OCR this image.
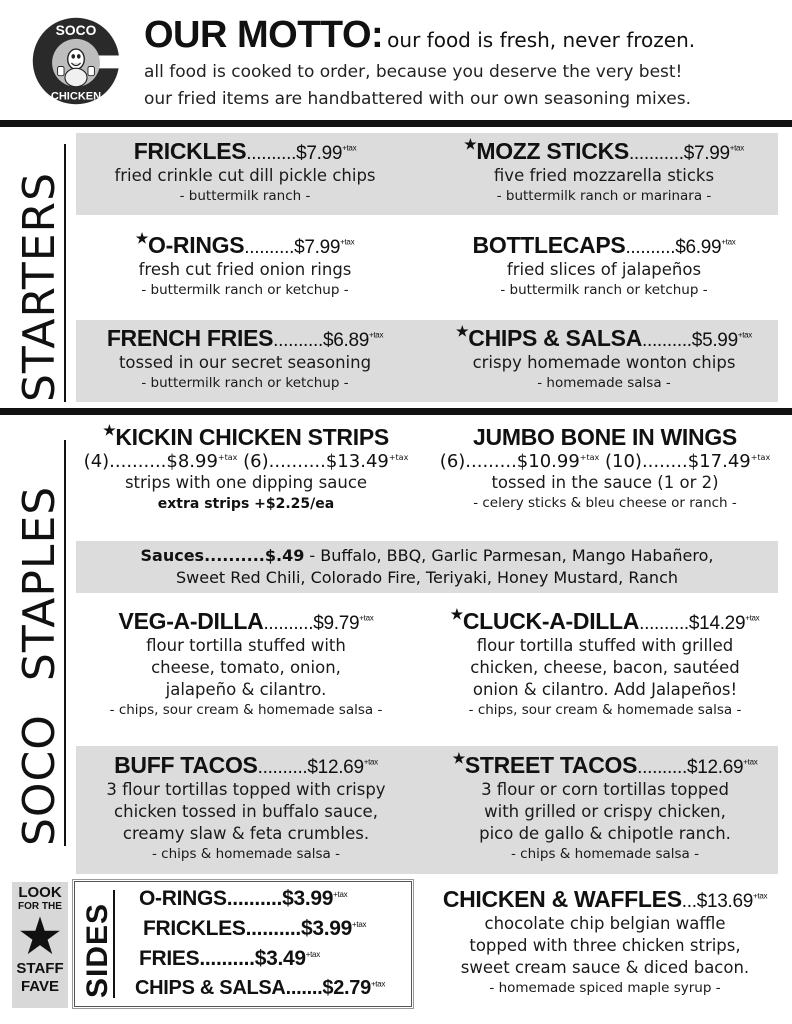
SOCO
CHICKEN
OUR MOTTO: our food is fresh, never frozen.
all food is cooked to order, because you deserve the very best!
our fried items are handbattered with our own seasoning mixes.
STARTERS
$FRICKLES..........\$7.99^{+tax}$
fried crinkle cut dill pickle chips
- buttermilk ranch -
★MOZZ $STICKS...........\$7.99^{+tax}$
five fried mozzarella sticks
- buttermilk ranch or marinara -
$^★O-RINGS..........\$7.99^{+tax}$
fresh cut fried onion rings
- buttermilk ranch or ketchup -
$BOTTLECAPS..........\$6.99^{+tax}$
fried slices of jalapeños
- buttermilk ranch or ketchup -
FRENCH $FRIES..........\$6.89^{+tax}$
tossed in our secret seasoning
- buttermilk ranch or ketchup -
★CHIPS & $SALSA..........\$5.99^{+tax}$
crispy homemade wonton chips
- homemade salsa -
SOCO STAPLES
★KICKIN CHICKEN STRIPS
$(4)..........\$8.99^{+tax}$ $(6)..........\$13.49^{+tax}$
strips with one dipping sauce
extra strips +$2.25/ea
JUMBO BONE IN WINGS
$(6).........\$10.99^{+tax}$ $(10)........\$17.49^{+tax}$
tossed in the sauce (1 or 2)
- celery sticks & bleu cheese or ranch -
Sauces..........$.49 - Buffalo, BBQ, Garlic Parmesan, Mango Habañero,
Sweet Red Chili, Colorado Fire, Teriyaki, Honey Mustard, Ranch
VEG-$A-DILLA..........\$9.79^{+tax}$
flour tortilla stuffed with
cheese, tomato, onion,
jalapeño & cilantro.
- chips, sour cream & homemade salsa -
$^★CLUCK-A-DILLA..........\$14.29^{+tax}$
flour tortilla stuffed with grilled
chicken, cheese, bacon, sautéed
onion & cilantro. Add Jalapeños!
- chips, sour cream & homemade salsa -
BUFF $TACOS..........\$12.69^{+tax}$
3 flour tortillas topped with crispy
chicken tossed in buffalo sauce,
creamy slaw & feta crumbles.
- chips & homemade salsa -
★STREET $TACOS..........\$12.69^{+tax}$
3 flour or corn tortillas topped
with grilled or crispy chicken,
pico de gallo & chipotle ranch.
- chips & homemade salsa -
LOOK
FOR THE
★
STAFF
FAVE SIDES
$O-RINGS..........\$3.99^{+tax}$
$FRICKLES..........\$3.99^{+tax}$
$FRIES..........\$3.49^{+tax}$
CHIPS & $SALSA.......\$2.79^{+tax}$
CHICKEN & $WAFFLES...\$13.69^{+tax}$
chocolate chip belgian waffle
topped with three chicken strips,
sweet cream sauce & diced bacon.
- homemade spiced maple syrup -
